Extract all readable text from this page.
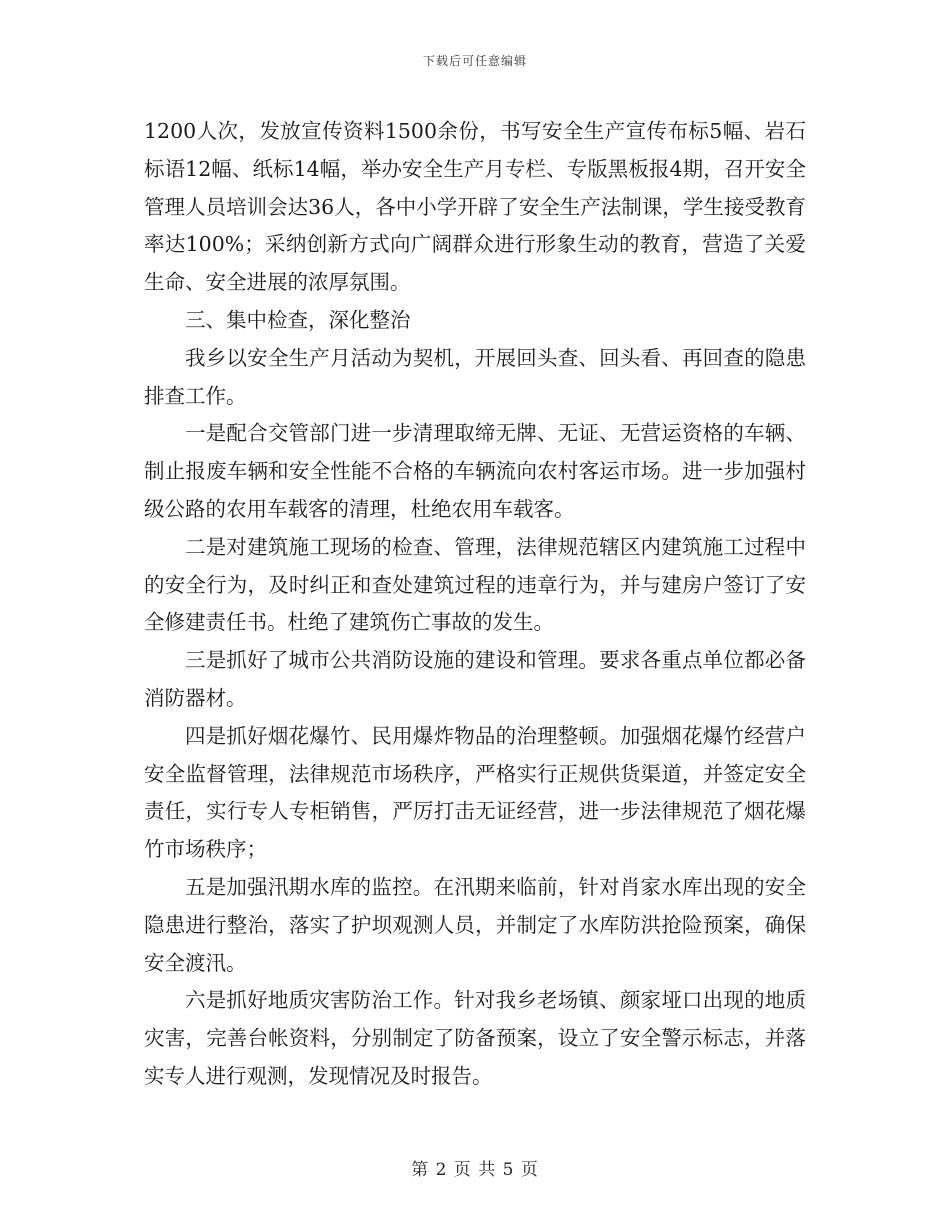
下载后可任意编辑

1200人次，发放宣传资料1500余份，书写安全生产宣传布标5幅、岩石标语12幅、纸标14幅，举办安全生产月专栏、专版黑板报4期，召开安全管理人员培训会达36人，各中小学开辟了安全生产法制课，学生接受教育率达100%；采纳创新方式向广阔群众进行形象生动的教育，营造了关爱生命、安全进展的浓厚氛围。

三、集中检查，深化整治

我乡以安全生产月活动为契机，开展回头查、回头看、再回查的隐患排查工作。

一是配合交管部门进一步清理取缔无牌、无证、无营运资格的车辆、制止报废车辆和安全性能不合格的车辆流向农村客运市场。进一步加强村级公路的农用车载客的清理，杜绝农用车载客。

二是对建筑施工现场的检查、管理，法律规范辖区内建筑施工过程中的安全行为，及时纠正和查处建筑过程的违章行为，并与建房户签订了安全修建责任书。杜绝了建筑伤亡事故的发生。

三是抓好了城市公共消防设施的建设和管理。要求各重点单位都必备消防器材。

四是抓好烟花爆竹、民用爆炸物品的治理整顿。加强烟花爆竹经营户安全监督管理，法律规范市场秩序，严格实行正规供货渠道，并签定安全责任，实行专人专柜销售，严厉打击无证经营，进一步法律规范了烟花爆竹市场秩序；

五是加强汛期水库的监控。在汛期来临前，针对肖家水库出现的安全隐患进行整治，落实了护坝观测人员，并制定了水库防洪抢险预案，确保安全渡汛。

六是抓好地质灾害防治工作。针对我乡老场镇、颜家垭口出现的地质灾害，完善台帐资料，分别制定了防备预案，设立了安全警示标志，并落实专人进行观测，发现情况及时报告。

第 2 页 共 5 页
